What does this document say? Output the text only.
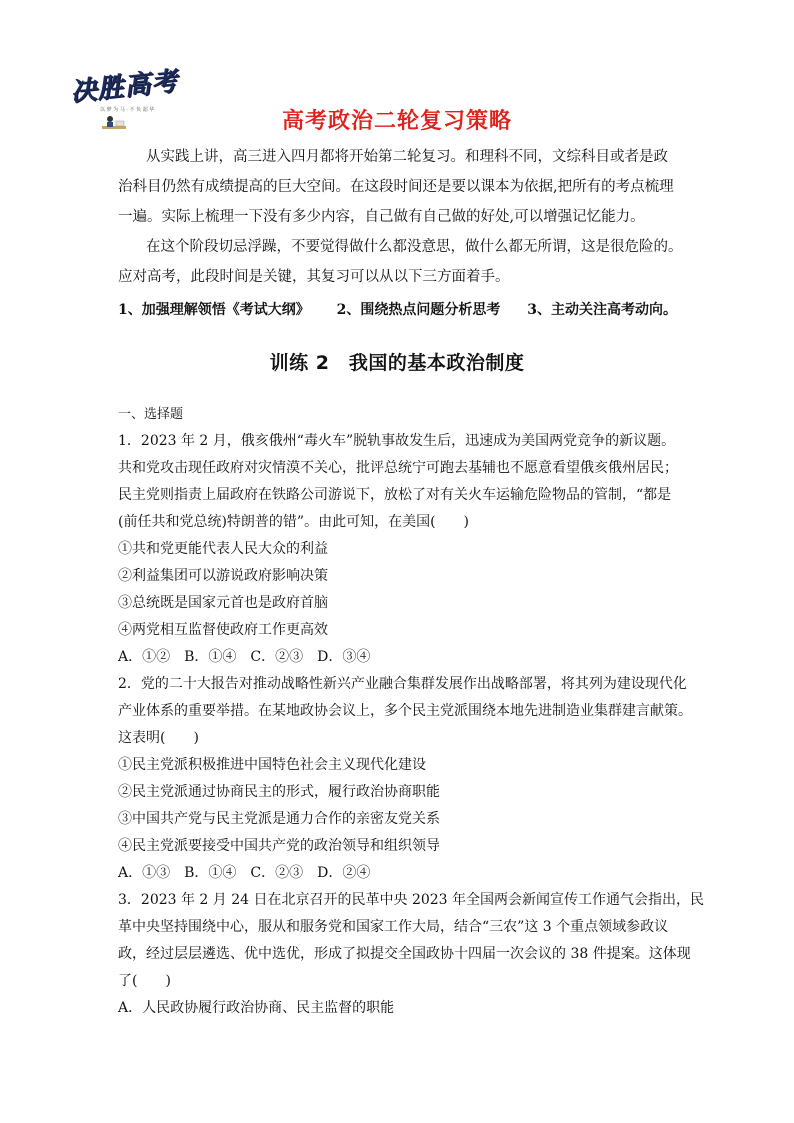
决胜高考
以 梦 为 马 · 不 负 韶 华	高考政治二轮复习策略
从实践上讲，高三进入四月都将开始第二轮复习。和理科不同，文综科目或者是政
治科目仍然有成绩提高的巨大空间。在这段时间还是要以课本为依据,把所有的考点梳理
一遍。实际上梳理一下没有多少内容，自己做有自己做的好处,可以增强记忆能力。
在这个阶段切忌浮躁，不要觉得做什么都没意思，做什么都无所谓，这是很危险的。
应对高考，此段时间是关键，其复习可以从以下三方面着手。
1、加强理解领悟《考试大纲》 2、围绕热点问题分析思考 3、主动关注高考动向。
训练 2　我国的基本政治制度
一、选择题
1．2023 年 2 月，俄亥俄州“毒火车”脱轨事故发生后，迅速成为美国两党竞争的新议题。
共和党攻击现任政府对灾情漠不关心，批评总统宁可跑去基辅也不愿意看望俄亥俄州居民；
民主党则指责上届政府在铁路公司游说下，放松了对有关火车运输危险物品的管制，“都是
(前任共和党总统)特朗普的错”。由此可知，在美国(　　)
①共和党更能代表人民大众的利益
②利益集团可以游说政府影响决策
③总统既是国家元首也是政府首脑
④两党相互监督使政府工作更高效
A．①②　B．①④　C．②③　D．③④
2．党的二十大报告对推动战略性新兴产业融合集群发展作出战略部署，将其列为建设现代化
产业体系的重要举措。在某地政协会议上，多个民主党派围绕本地先进制造业集群建言献策。
这表明(　　)
①民主党派积极推进中国特色社会主义现代化建设
②民主党派通过协商民主的形式，履行政治协商职能
③中国共产党与民主党派是通力合作的亲密友党关系
④民主党派要接受中国共产党的政治领导和组织领导
A．①③　B．①④　C．②③　D．②④
3．2023 年 2 月 24 日在北京召开的民革中央 2023 年全国两会新闻宣传工作通气会指出，民
革中央坚持围绕中心，服从和服务党和国家工作大局，结合“三农”这 3 个重点领域参政议
政，经过层层遴选、优中选优，形成了拟提交全国政协十四届一次会议的 38 件提案。这体现
了(　　)
A．人民政协履行政治协商、民主监督的职能
